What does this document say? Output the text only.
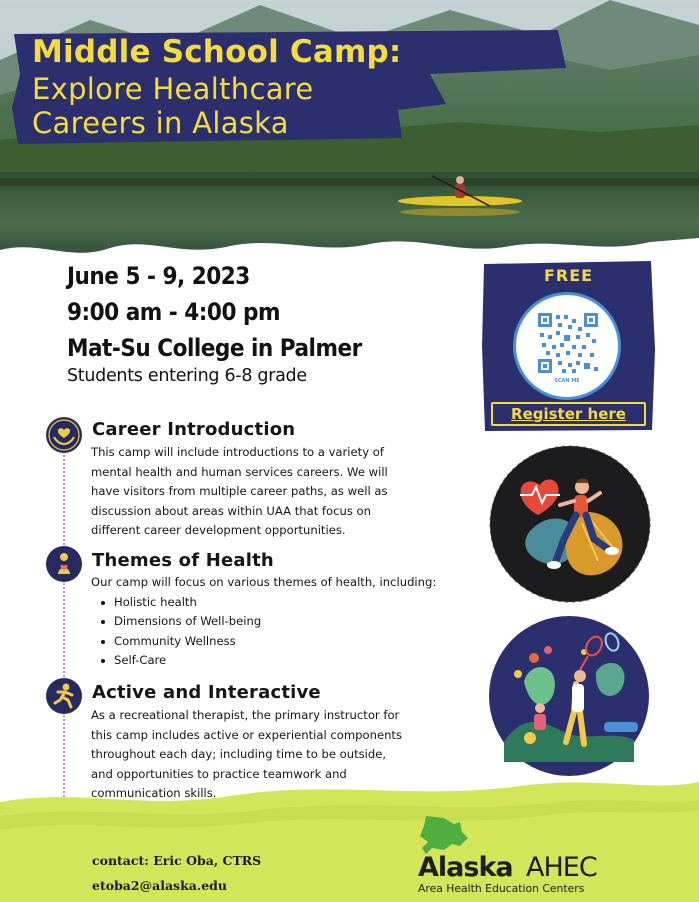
Middle School Camp:
Explore Healthcare
Careers in Alaska
June 5 - 9, 2023
9:00 am - 4:00 pm
Mat-Su College in Palmer
Students entering 6-8 grade
FREE
SCAN ME
Register here
Career Introduction
This camp will include introductions to a variety of
mental health and human services careers. We will
have visitors from multiple career paths, as well as
discussion about areas within UAA that focus on
different career development opportunities.
Themes of Health
Our camp will focus on various themes of health, including:
Holistic health
Dimensions of Well-being
Community Wellness
Self-Care
Active and Interactive
As a recreational therapist, the primary instructor for
this camp includes active or experiential components
throughout each day; including time to be outside,
and opportunities to practice teamwork and
communication skills.
contact: Eric Oba, CTRS
etoba2@alaska.edu
Alaska AHEC
Area Health Education Centers
